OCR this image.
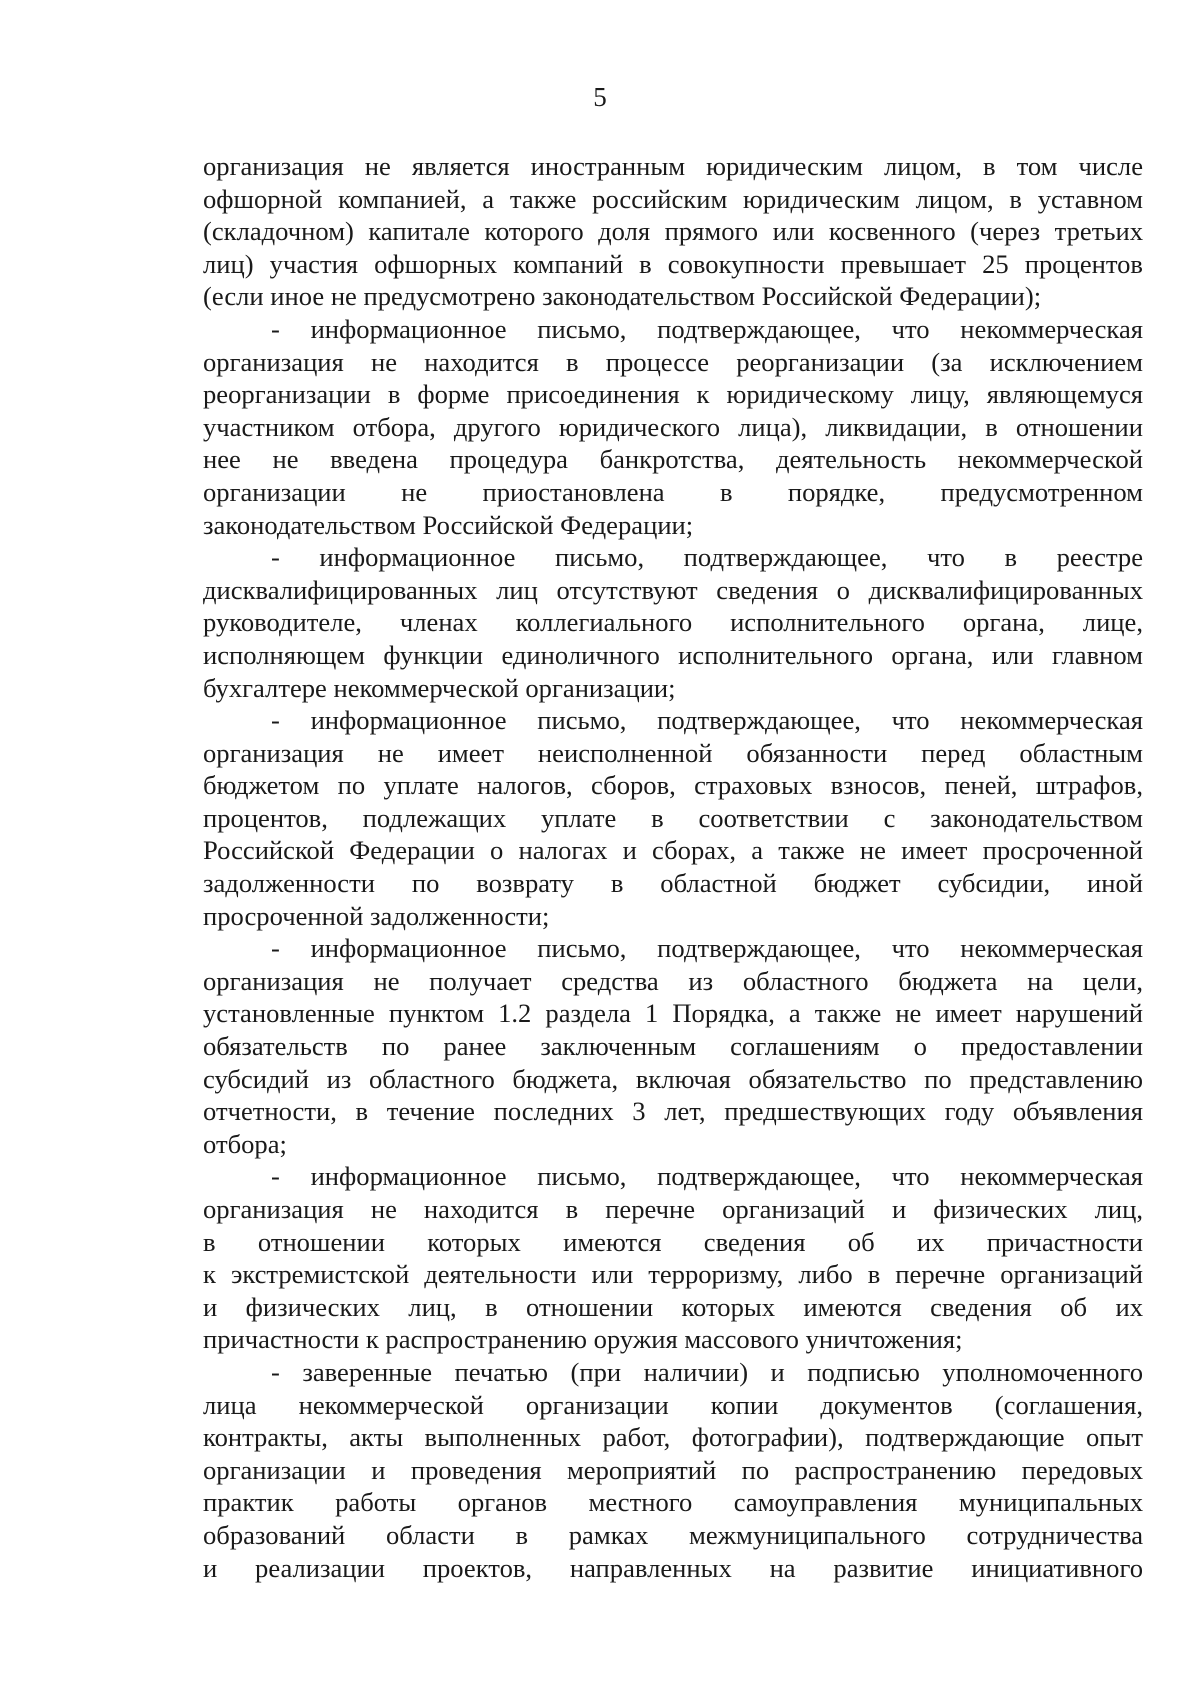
5
организация не является иностранным юридическим лицом, в том числе
офшорной компанией, а также российским юридическим лицом, в уставном
(складочном) капитале которого доля прямого или косвенного (через третьих
лиц) участия офшорных компаний в совокупности превышает 25 процентов
(если иное не предусмотрено законодательством Российской Федерации);
- информационное письмо, подтверждающее, что некоммерческая
организация не находится в процессе реорганизации (за исключением
реорганизации в форме присоединения к юридическому лицу, являющемуся
участником отбора, другого юридического лица), ликвидации, в отношении
нее не введена процедура банкротства, деятельность некоммерческой
организации не приостановлена в порядке, предусмотренном
законодательством Российской Федерации;
- информационное письмо, подтверждающее, что в реестре
дисквалифицированных лиц отсутствуют сведения о дисквалифицированных
руководителе, членах коллегиального исполнительного органа, лице,
исполняющем функции единоличного исполнительного органа, или главном
бухгалтере некоммерческой организации;
- информационное письмо, подтверждающее, что некоммерческая
организация не имеет неисполненной обязанности перед областным
бюджетом по уплате налогов, сборов, страховых взносов, пеней, штрафов,
процентов, подлежащих уплате в соответствии с законодательством
Российской Федерации о налогах и сборах, а также не имеет просроченной
задолженности по возврату в областной бюджет субсидии, иной
просроченной задолженности;
- информационное письмо, подтверждающее, что некоммерческая
организация не получает средства из областного бюджета на цели,
установленные пунктом 1.2 раздела 1 Порядка, а также не имеет нарушений
обязательств по ранее заключенным соглашениям о предоставлении
субсидий из областного бюджета, включая обязательство по представлению
отчетности, в течение последних 3 лет, предшествующих году объявления
отбора;
- информационное письмо, подтверждающее, что некоммерческая
организация не находится в перечне организаций и физических лиц,
в отношении которых имеются сведения об их причастности
к экстремистской деятельности или терроризму, либо в перечне организаций
и физических лиц, в отношении которых имеются сведения об их
причастности к распространению оружия массового уничтожения;
- заверенные печатью (при наличии) и подписью уполномоченного
лица некоммерческой организации копии документов (соглашения,
контракты, акты выполненных работ, фотографии), подтверждающие опыт
организации и проведения мероприятий по распространению передовых
практик работы органов местного самоуправления муниципальных
образований области в рамках межмуниципального сотрудничества
и реализации проектов, направленных на развитие инициативного
